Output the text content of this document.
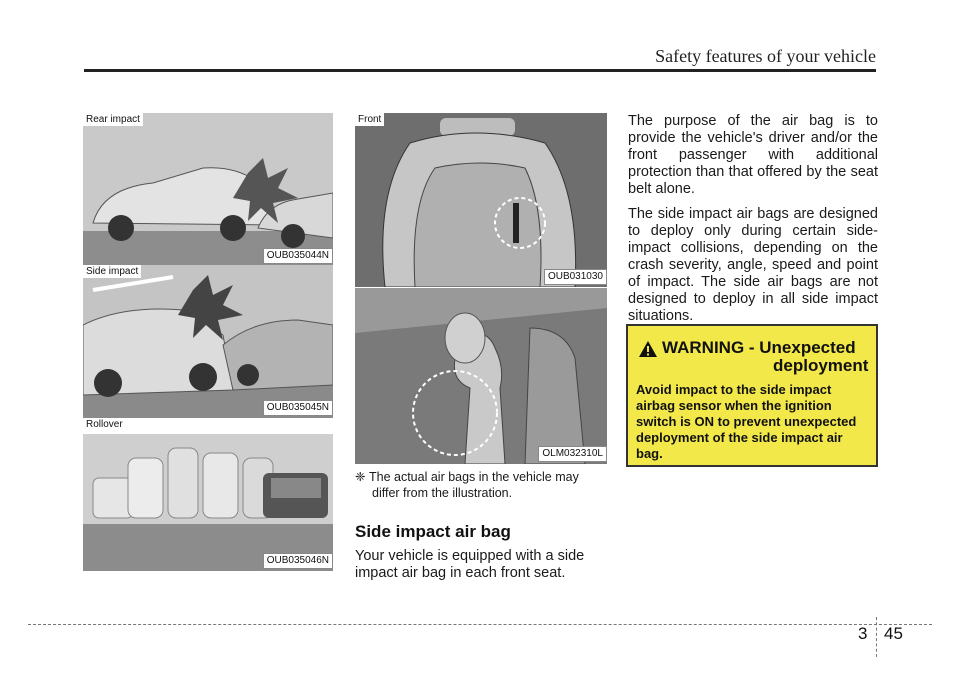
Safety features of your vehicle
Rear impact
OUB035044N
Side impact
OUB035045N
Rollover
OUB035046N
Front
OUB031030
OLM032310L
❈ The actual air bags in the vehicle may
differ from the illustration.
Side impact air bag
Your vehicle is equipped with a side impact air bag in each front seat.

The purpose of the air bag is to provide the vehicle's driver and/or the front passenger with additional protection than that offered by the seat belt alone.

The side impact air bags are designed to deploy only during certain side-impact collisions, depending on the crash severity, angle, speed and point of impact. The side air bags are not designed to deploy in all side impact situations.

WARNING - Unexpected
deployment
Avoid impact to the side impact airbag sensor when the ignition switch is ON to prevent unexpected deployment of the side impact air bag.
3 45
